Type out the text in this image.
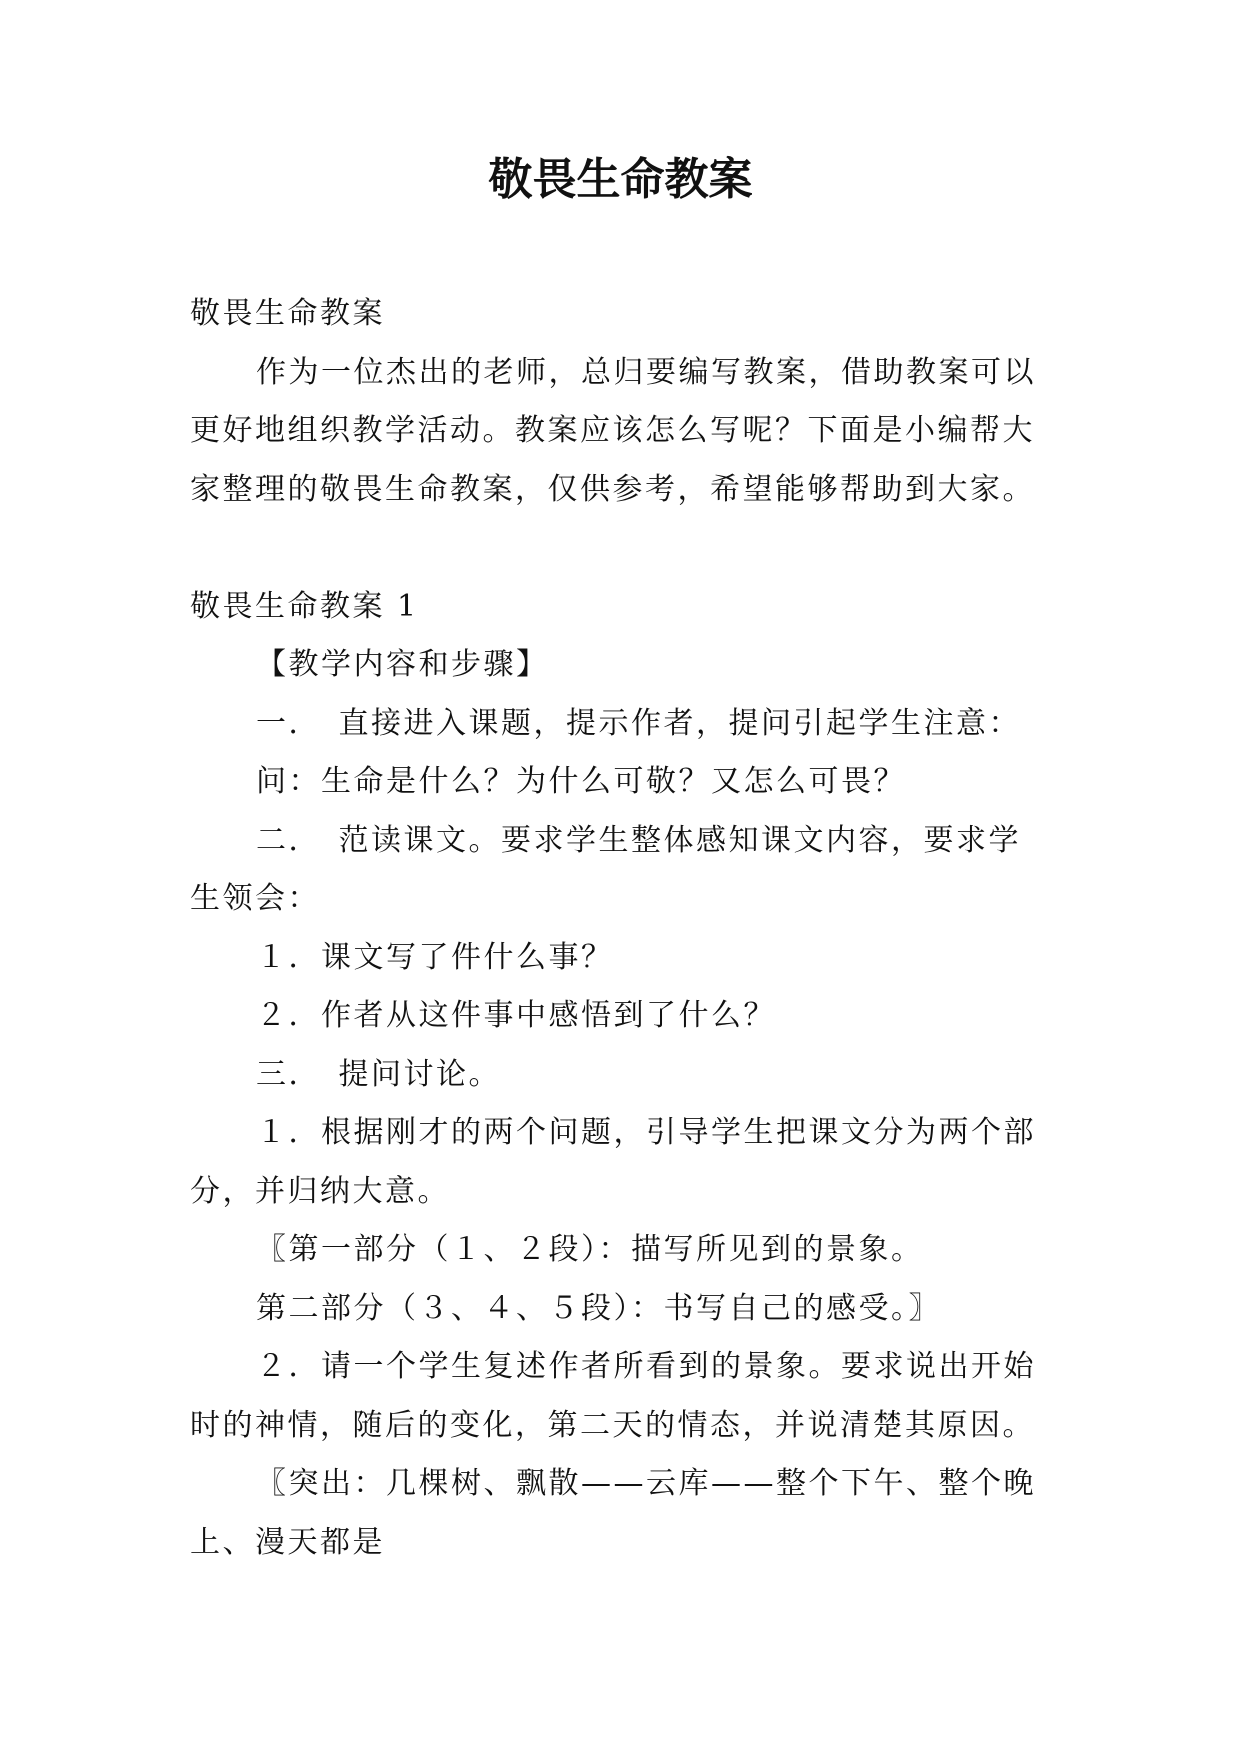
敬畏生命教案

敬畏生命教案

作为一位杰出的老师，总归要编写教案，借助教案可以更好地组织教学活动。教案应该怎么写呢？下面是小编帮大家整理的敬畏生命教案，仅供参考，希望能够帮助到大家。

敬畏生命教案 1

【教学内容和步骤】

一．　直接进入课题，提示作者，提问引起学生注意：

问：生命是什么？为什么可敬？又怎么可畏？

二．　范读课文。要求学生整体感知课文内容，要求学生领会：

１．课文写了件什么事？

２．作者从这件事中感悟到了什么？

三．　提问讨论。

１．根据刚才的两个问题，引导学生把课文分为两个部分，并归纳大意。

〖第一部分（１、２段）：描写所见到的景象。

第二部分（３、４、５段）：书写自己的感受。〗

２．请一个学生复述作者所看到的景象。要求说出开始时的神情，随后的变化，第二天的情态，并说清楚其原因。

〖突出：几棵树、飘散——云库——整个下午、整个晚上、漫天都是
